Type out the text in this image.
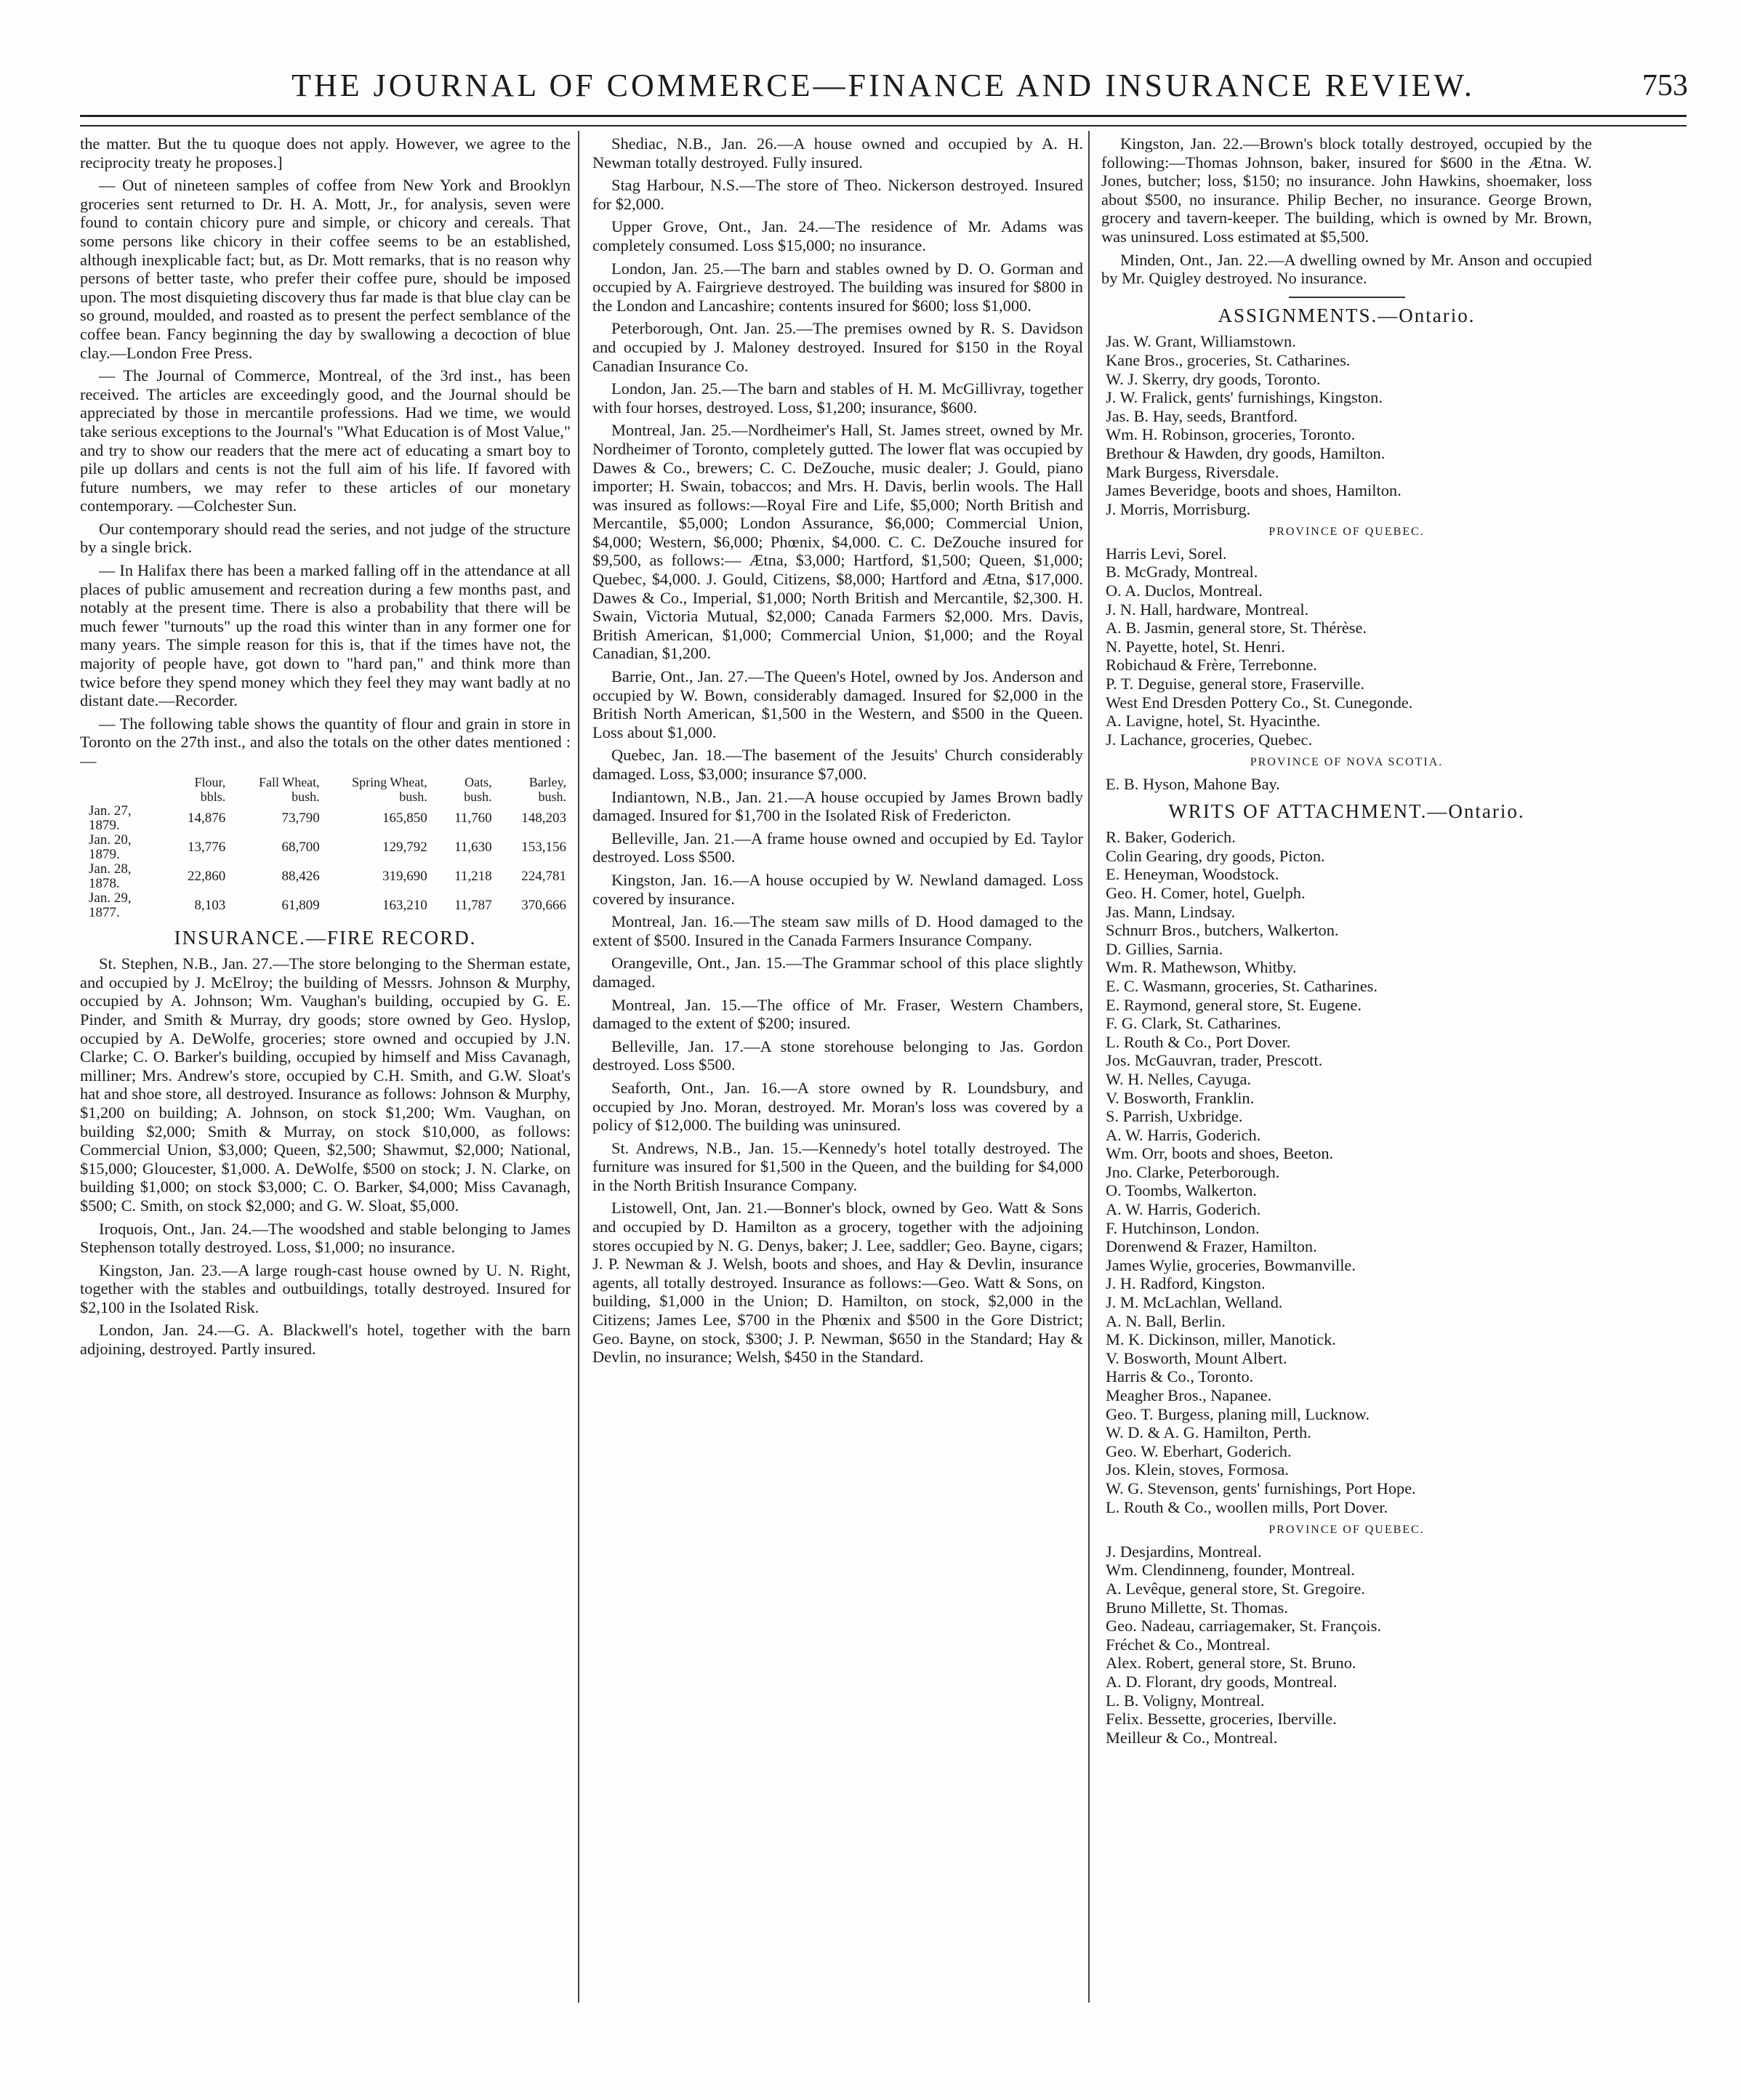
THE JOURNAL OF COMMERCE—FINANCE AND INSURANCE REVIEW.	753

the matter. But the tu quoque does not apply. However, we agree to the reciprocity treaty he proposes.]

— Out of nineteen samples of coffee from New York and Brooklyn groceries sent returned to Dr. H. A. Mott, Jr., for analysis, seven were found to contain chicory pure and simple, or chicory and cereals. That some persons like chicory in their coffee seems to be an established, although inexplicable fact; but, as Dr. Mott remarks, that is no reason why persons of better taste, who prefer their coffee pure, should be imposed upon. The most disquieting discovery thus far made is that blue clay can be so ground, moulded, and roasted as to present the perfect semblance of the coffee bean. Fancy beginning the day by swallowing a decoction of blue clay.—London Free Press.

— The Journal of Commerce, Montreal, of the 3rd inst., has been received. The articles are exceedingly good, and the Journal should be appreciated by those in mercantile professions. Had we time, we would take serious exceptions to the Journal's "What Education is of Most Value," and try to show our readers that the mere act of educating a smart boy to pile up dollars and cents is not the full aim of his life. If favored with future numbers, we may refer to these articles of our monetary contemporary. —Colchester Sun.

Our contemporary should read the series, and not judge of the structure by a single brick.

— In Halifax there has been a marked falling off in the attendance at all places of public amusement and recreation during a few months past, and notably at the present time. There is also a probability that there will be much fewer "turnouts" up the road this winter than in any former one for many years. The simple reason for this is, that if the times have not, the majority of people have, got down to "hard pan," and think more than twice before they spend money which they feel they may want badly at no distant date.—Recorder.

— The following table shows the quantity of flour and grain in store in Toronto on the 27th inst., and also the totals on the other dates mentioned :—

	Flour, bbls.	Fall Wheat, bush.	Spring Wheat, bush.	Oats, bush.	Barley, bush.
Jan. 27, 1879.	14,876	73,790	165,850	11,760	148,203
Jan. 20, 1879.	13,776	68,700	129,792	11,630	153,156
Jan. 28, 1878.	22,860	88,426	319,690	11,218	224,781
Jan. 29, 1877.	8,103	61,809	163,210	11,787	370,666
INSURANCE.—FIRE RECORD.

St. Stephen, N.B., Jan. 27.—The store belonging to the Sherman estate, and occupied by J. McElroy; the building of Messrs. Johnson & Murphy, occupied by A. Johnson; Wm. Vaughan's building, occupied by G. E. Pinder, and Smith & Murray, dry goods; store owned by Geo. Hyslop, occupied by A. DeWolfe, groceries; store owned and occupied by J.N. Clarke; C. O. Barker's building, occupied by himself and Miss Cavanagh, milliner; Mrs. Andrew's store, occupied by C.H. Smith, and G.W. Sloat's hat and shoe store, all destroyed. Insurance as follows: Johnson & Murphy, $1,200 on building; A. Johnson, on stock $1,200; Wm. Vaughan, on building $2,000; Smith & Murray, on stock $10,000, as follows: Commercial Union, $3,000; Queen, $2,500; Shawmut, $2,000; National, $15,000; Gloucester, $1,000. A. DeWolfe, $500 on stock; J. N. Clarke, on building $1,000; on stock $3,000; C. O. Barker, $4,000; Miss Cavanagh, $500; C. Smith, on stock $2,000; and G. W. Sloat, $5,000.

Iroquois, Ont., Jan. 24.—The woodshed and stable belonging to James Stephenson totally destroyed. Loss, $1,000; no insurance.

Kingston, Jan. 23.—A large rough-cast house owned by U. N. Right, together with the stables and outbuildings, totally destroyed. Insured for $2,100 in the Isolated Risk.

London, Jan. 24.—G. A. Blackwell's hotel, together with the barn adjoining, destroyed. Partly insured.

Shediac, N.B., Jan. 26.—A house owned and occupied by A. H. Newman totally destroyed. Fully insured.

Stag Harbour, N.S.—The store of Theo. Nickerson destroyed. Insured for $2,000.

Upper Grove, Ont., Jan. 24.—The residence of Mr. Adams was completely consumed. Loss $15,000; no insurance.

London, Jan. 25.—The barn and stables owned by D. O. Gorman and occupied by A. Fairgrieve destroyed. The building was insured for $800 in the London and Lancashire; contents insured for $600; loss $1,000.

Peterborough, Ont. Jan. 25.—The premises owned by R. S. Davidson and occupied by J. Maloney destroyed. Insured for $150 in the Royal Canadian Insurance Co.

London, Jan. 25.—The barn and stables of H. M. McGillivray, together with four horses, destroyed. Loss, $1,200; insurance, $600.

Montreal, Jan. 25.—Nordheimer's Hall, St. James street, owned by Mr. Nordheimer of Toronto, completely gutted. The lower flat was occupied by Dawes & Co., brewers; C. C. DeZouche, music dealer; J. Gould, piano importer; H. Swain, tobaccos; and Mrs. H. Davis, berlin wools. The Hall was insured as follows:—Royal Fire and Life, $5,000; North British and Mercantile, $5,000; London Assurance, $6,000; Commercial Union, $4,000; Western, $6,000; Phœnix, $4,000. C. C. DeZouche insured for $9,500, as follows:— Ætna, $3,000; Hartford, $1,500; Queen, $1,000; Quebec, $4,000. J. Gould, Citizens, $8,000; Hartford and Ætna, $17,000. Dawes & Co., Imperial, $1,000; North British and Mercantile, $2,300. H. Swain, Victoria Mutual, $2,000; Canada Farmers $2,000. Mrs. Davis, British American, $1,000; Commercial Union, $1,000; and the Royal Canadian, $1,200.

Barrie, Ont., Jan. 27.—The Queen's Hotel, owned by Jos. Anderson and occupied by W. Bown, considerably damaged. Insured for $2,000 in the British North American, $1,500 in the Western, and $500 in the Queen. Loss about $1,000.

Quebec, Jan. 18.—The basement of the Jesuits' Church considerably damaged. Loss, $3,000; insurance $7,000.

Indiantown, N.B., Jan. 21.—A house occupied by James Brown badly damaged. Insured for $1,700 in the Isolated Risk of Fredericton.

Belleville, Jan. 21.—A frame house owned and occupied by Ed. Taylor destroyed. Loss $500.

Kingston, Jan. 16.—A house occupied by W. Newland damaged. Loss covered by insurance.

Montreal, Jan. 16.—The steam saw mills of D. Hood damaged to the extent of $500. Insured in the Canada Farmers Insurance Company.

Orangeville, Ont., Jan. 15.—The Grammar school of this place slightly damaged.

Montreal, Jan. 15.—The office of Mr. Fraser, Western Chambers, damaged to the extent of $200; insured.

Belleville, Jan. 17.—A stone storehouse belonging to Jas. Gordon destroyed. Loss $500.

Seaforth, Ont., Jan. 16.—A store owned by R. Loundsbury, and occupied by Jno. Moran, destroyed. Mr. Moran's loss was covered by a policy of $12,000. The building was uninsured.

St. Andrews, N.B., Jan. 15.—Kennedy's hotel totally destroyed. The furniture was insured for $1,500 in the Queen, and the building for $4,000 in the North British Insurance Company.

Listowell, Ont, Jan. 21.—Bonner's block, owned by Geo. Watt & Sons and occupied by D. Hamilton as a grocery, together with the adjoining stores occupied by N. G. Denys, baker; J. Lee, saddler; Geo. Bayne, cigars; J. P. Newman & J. Welsh, boots and shoes, and Hay & Devlin, insurance agents, all totally destroyed. Insurance as follows:—Geo. Watt & Sons, on building, $1,000 in the Union; D. Hamilton, on stock, $2,000 in the Citizens; James Lee, $700 in the Phœnix and $500 in the Gore District; Geo. Bayne, on stock, $300; J. P. Newman, $650 in the Standard; Hay & Devlin, no insurance; Welsh, $450 in the Standard.

Kingston, Jan. 22.—Brown's block totally destroyed, occupied by the following:—Thomas Johnson, baker, insured for $600 in the Ætna. W. Jones, butcher; loss, $150; no insurance. John Hawkins, shoemaker, loss about $500, no insurance. Philip Becher, no insurance. George Brown, grocery and tavern-keeper. The building, which is owned by Mr. Brown, was uninsured. Loss estimated at $5,500.

Minden, Ont., Jan. 22.—A dwelling owned by Mr. Anson and occupied by Mr. Quigley destroyed. No insurance.

ASSIGNMENTS.—Ontario.
Jas. W. Grant, Williamstown.
Kane Bros., groceries, St. Catharines.
W. J. Skerry, dry goods, Toronto.
J. W. Fralick, gents' furnishings, Kingston.
Jas. B. Hay, seeds, Brantford.
Wm. H. Robinson, groceries, Toronto.
Brethour & Hawden, dry goods, Hamilton.
Mark Burgess, Riversdale.
James Beveridge, boots and shoes, Hamilton.
J. Morris, Morrisburg.
PROVINCE OF QUEBEC.
Harris Levi, Sorel.
B. McGrady, Montreal.
O. A. Duclos, Montreal.
J. N. Hall, hardware, Montreal.
A. B. Jasmin, general store, St. Thérèse.
N. Payette, hotel, St. Henri.
Robichaud & Frère, Terrebonne.
P. T. Deguise, general store, Fraserville.
West End Dresden Pottery Co., St. Cunegonde.
A. Lavigne, hotel, St. Hyacinthe.
J. Lachance, groceries, Quebec.
PROVINCE OF NOVA SCOTIA.
E. B. Hyson, Mahone Bay.
WRITS OF ATTACHMENT.—Ontario.
R. Baker, Goderich.
Colin Gearing, dry goods, Picton.
E. Heneyman, Woodstock.
Geo. H. Comer, hotel, Guelph.
Jas. Mann, Lindsay.
Schnurr Bros., butchers, Walkerton.
D. Gillies, Sarnia.
Wm. R. Mathewson, Whitby.
E. C. Wasmann, groceries, St. Catharines.
E. Raymond, general store, St. Eugene.
F. G. Clark, St. Catharines.
L. Routh & Co., Port Dover.
Jos. McGauvran, trader, Prescott.
W. H. Nelles, Cayuga.
V. Bosworth, Franklin.
S. Parrish, Uxbridge.
A. W. Harris, Goderich.
Wm. Orr, boots and shoes, Beeton.
Jno. Clarke, Peterborough.
O. Toombs, Walkerton.
A. W. Harris, Goderich.
F. Hutchinson, London.
Dorenwend & Frazer, Hamilton.
James Wylie, groceries, Bowmanville.
J. H. Radford, Kingston.
J. M. McLachlan, Welland.
A. N. Ball, Berlin.
M. K. Dickinson, miller, Manotick.
V. Bosworth, Mount Albert.
Harris & Co., Toronto.
Meagher Bros., Napanee.
Geo. T. Burgess, planing mill, Lucknow.
W. D. & A. G. Hamilton, Perth.
Geo. W. Eberhart, Goderich.
Jos. Klein, stoves, Formosa.
W. G. Stevenson, gents' furnishings, Port Hope.
L. Routh & Co., woollen mills, Port Dover.
PROVINCE OF QUEBEC.
J. Desjardins, Montreal.
Wm. Clendinneng, founder, Montreal.
A. Levêque, general store, St. Gregoire.
Bruno Millette, St. Thomas.
Geo. Nadeau, carriagemaker, St. François.
Fréchet & Co., Montreal.
Alex. Robert, general store, St. Bruno.
A. D. Florant, dry goods, Montreal.
L. B. Voligny, Montreal.
Felix. Bessette, groceries, Iberville.
Meilleur & Co., Montreal.
